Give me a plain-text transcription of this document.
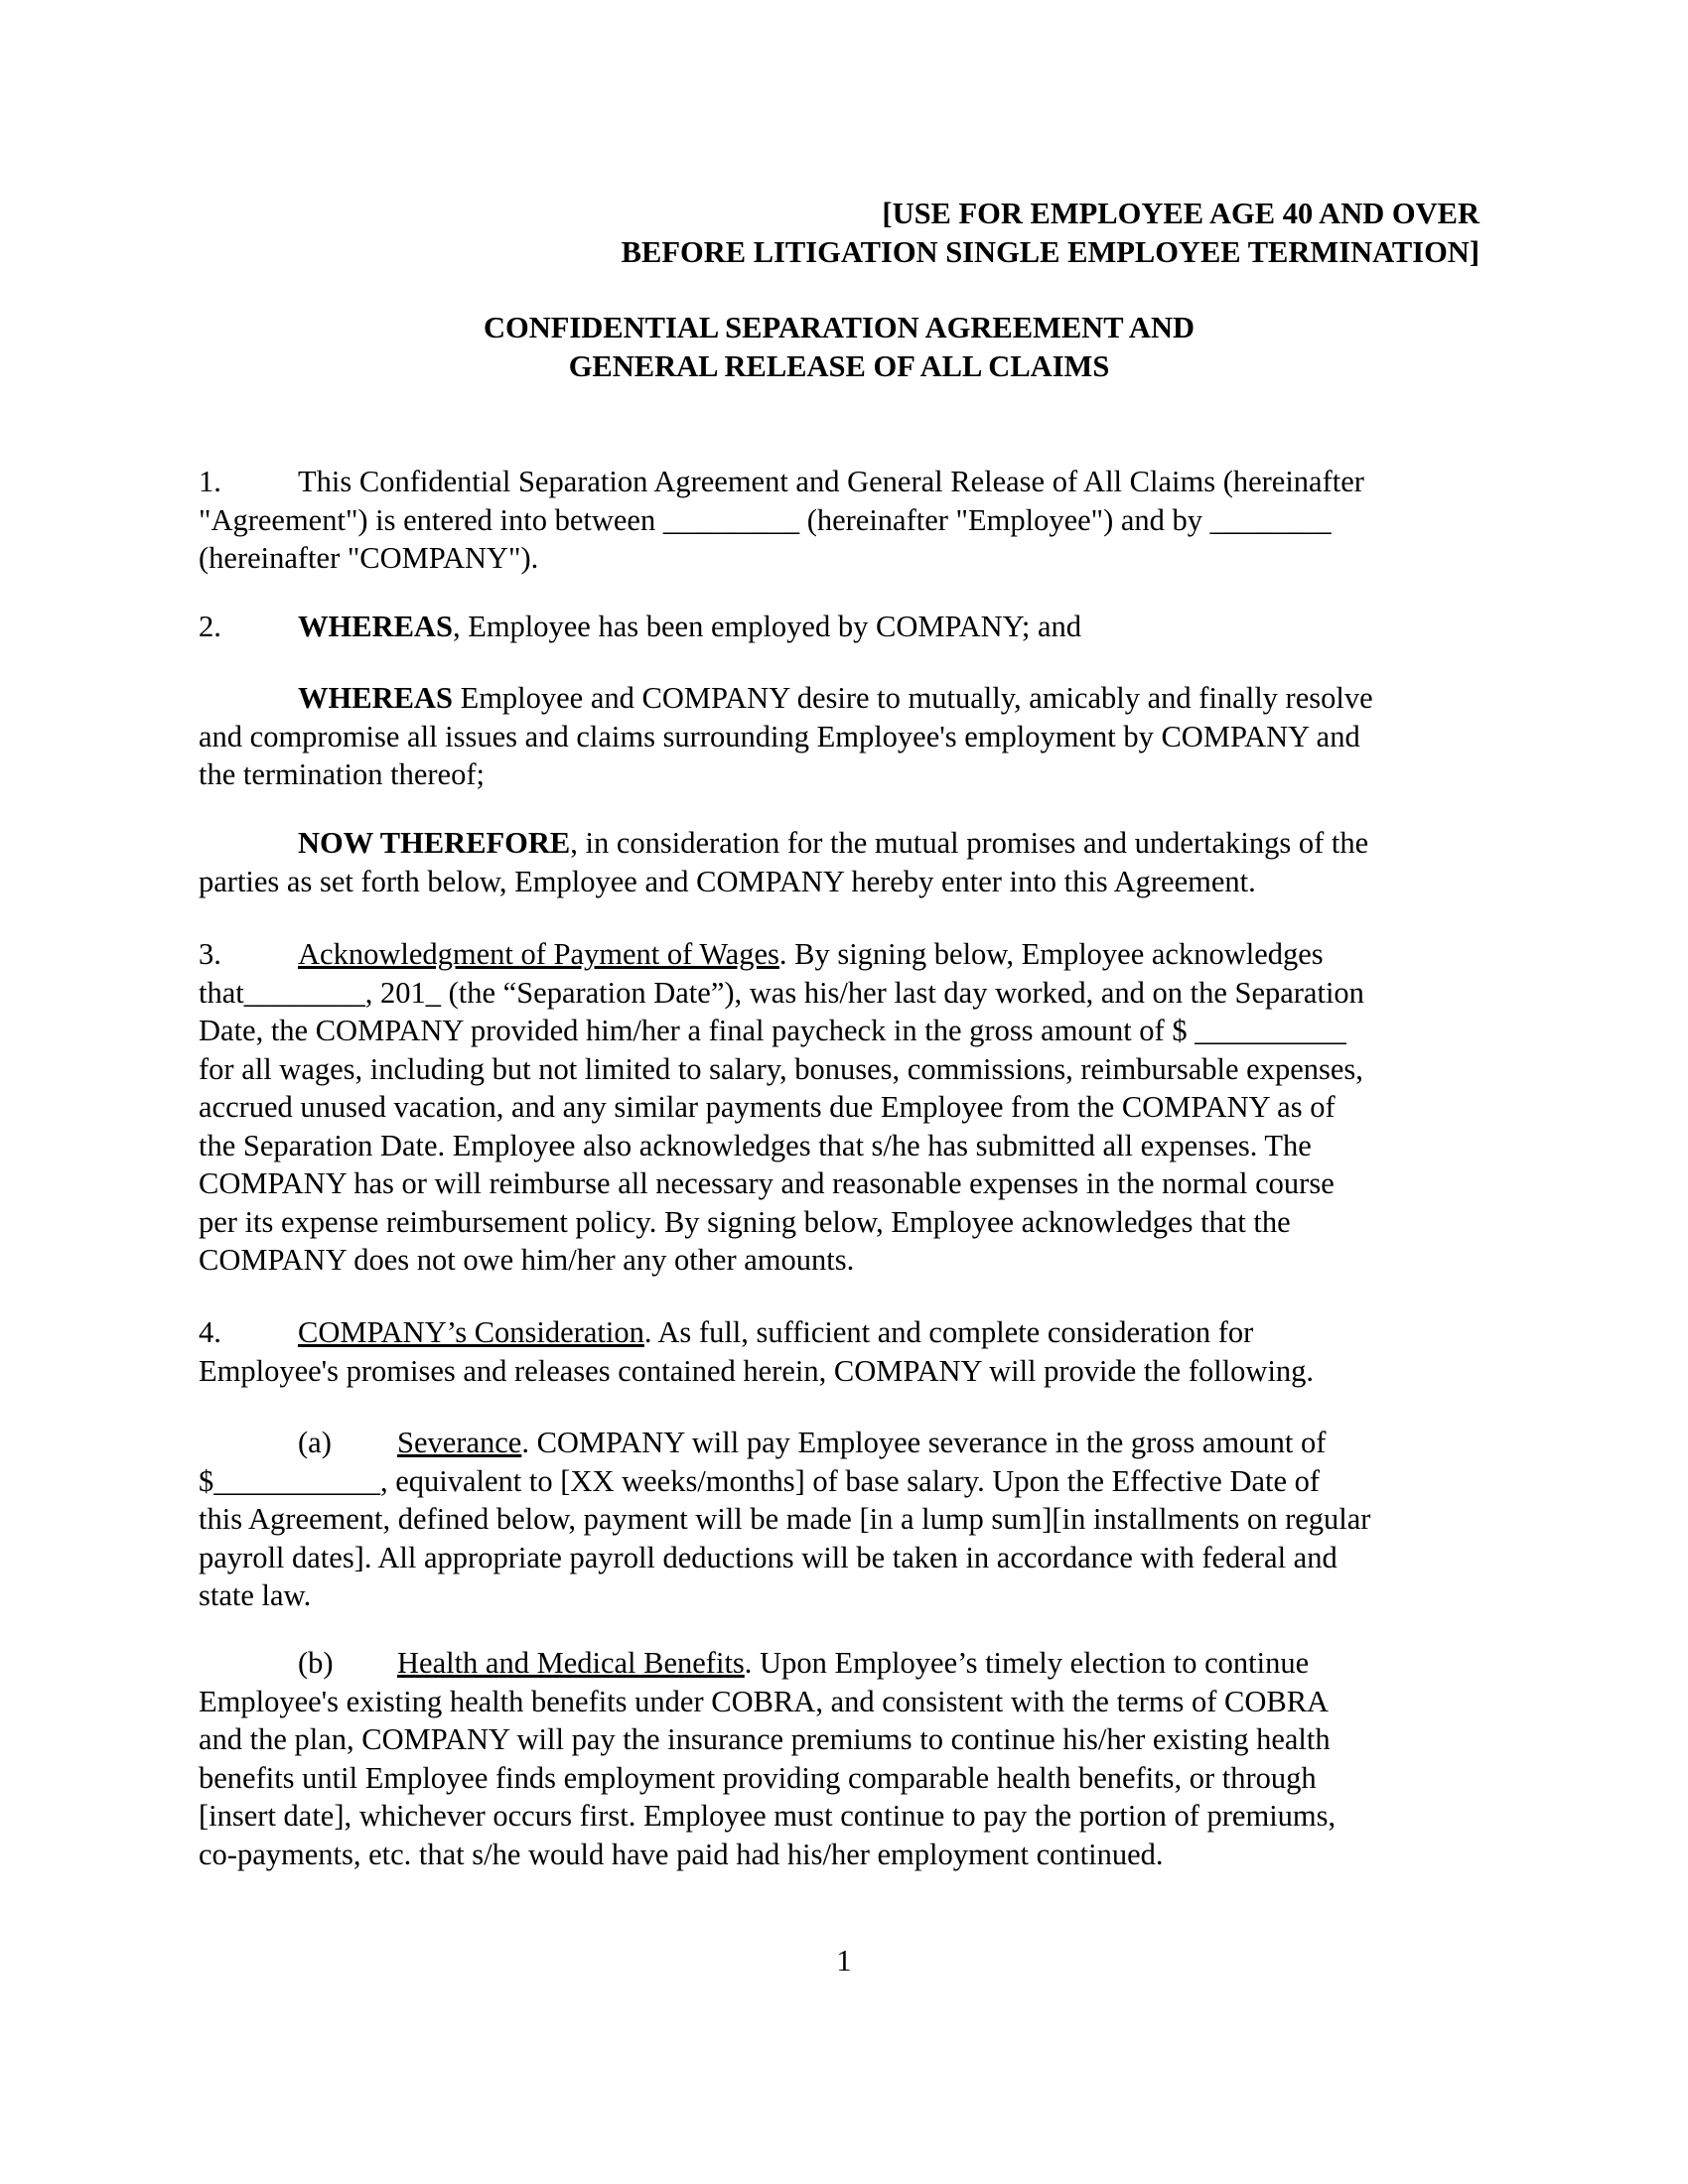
[USE FOR EMPLOYEE AGE 40 AND OVER
BEFORE LITIGATION SINGLE EMPLOYEE TERMINATION]
CONFIDENTIAL SEPARATION AGREEMENT AND
GENERAL RELEASE OF ALL CLAIMS
1.	This Confidential Separation Agreement and General Release of All Claims (hereinafter
"Agreement") is entered into between _________ (hereinafter "Employee") and by ________
(hereinafter "COMPANY").
2.	WHEREAS, Employee has been employed by COMPANY; and
WHEREAS Employee and COMPANY desire to mutually, amicably and finally resolve
and compromise all issues and claims surrounding Employee's employment by COMPANY and
the termination thereof;
NOW THEREFORE, in consideration for the mutual promises and undertakings of the
parties as set forth below, Employee and COMPANY hereby enter into this Agreement.
3.	Acknowledgment of Payment of Wages. By signing below, Employee acknowledges
that________, 201_ (the “Separation Date”), was his/her last day worked, and on the Separation
Date, the COMPANY provided him/her a final paycheck in the gross amount of $ __________
for all wages, including but not limited to salary, bonuses, commissions, reimbursable expenses,
accrued unused vacation, and any similar payments due Employee from the COMPANY as of
the Separation Date. Employee also acknowledges that s/he has submitted all expenses. The
COMPANY has or will reimburse all necessary and reasonable expenses in the normal course
per its expense reimbursement policy. By signing below, Employee acknowledges that the
COMPANY does not owe him/her any other amounts.
4.	COMPANY’s Consideration. As full, sufficient and complete consideration for
Employee's promises and releases contained herein, COMPANY will provide the following.
(a) Severance. COMPANY will pay Employee severance in the gross amount of
$___________, equivalent to [XX weeks/months] of base salary. Upon the Effective Date of
this Agreement, defined below, payment will be made [in a lump sum][in installments on regular
payroll dates]. All appropriate payroll deductions will be taken in accordance with federal and
state law.
(b) Health and Medical Benefits. Upon Employee’s timely election to continue
Employee's existing health benefits under COBRA, and consistent with the terms of COBRA
and the plan, COMPANY will pay the insurance premiums to continue his/her existing health
benefits until Employee finds employment providing comparable health benefits, or through
[insert date], whichever occurs first. Employee must continue to pay the portion of premiums,
co-payments, etc. that s/he would have paid had his/her employment continued.
1
